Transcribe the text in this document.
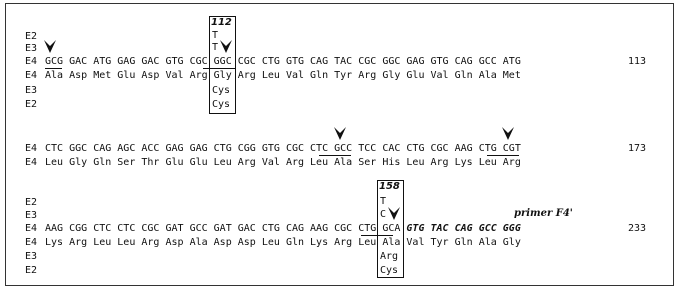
112
E2	T
E3	T
E4 GCG GAC ATG GAG GAC GTG CGC GGC CGC CTG GTG CAG TAC CGC GGC GAG GTG CAG GCC ATG	113
E4 Ala Asp Met Glu Asp Val Arg Gly Arg Leu Val Gln Tyr Arg Gly Glu Val Gln Ala Met
E3	Cys
E2	Cys
E4 CTC GGC CAG AGC ACC GAG GAG CTG CGG GTG CGC CTC GCC TCC CAC CTG CGC AAG CTG CGT	173
E4 Leu Gly Gln Ser Thr Glu Glu Leu Arg Val Arg Leu Ala Ser His Leu Arg Lys Leu Arg
158
primer F4'
E2	T
E3	C
E4 AAG CGG CTC CTC CGC GAT GCC GAT GAC CTG CAG AAG CGC CTG GCA GTG TAC CAG GCC GGG	233
E4 Lys Arg Leu Leu Arg Asp Ala Asp Asp Leu Gln Lys Arg Leu Ala Val Tyr Gln Ala Gly
E3	Arg
E2	Cys
